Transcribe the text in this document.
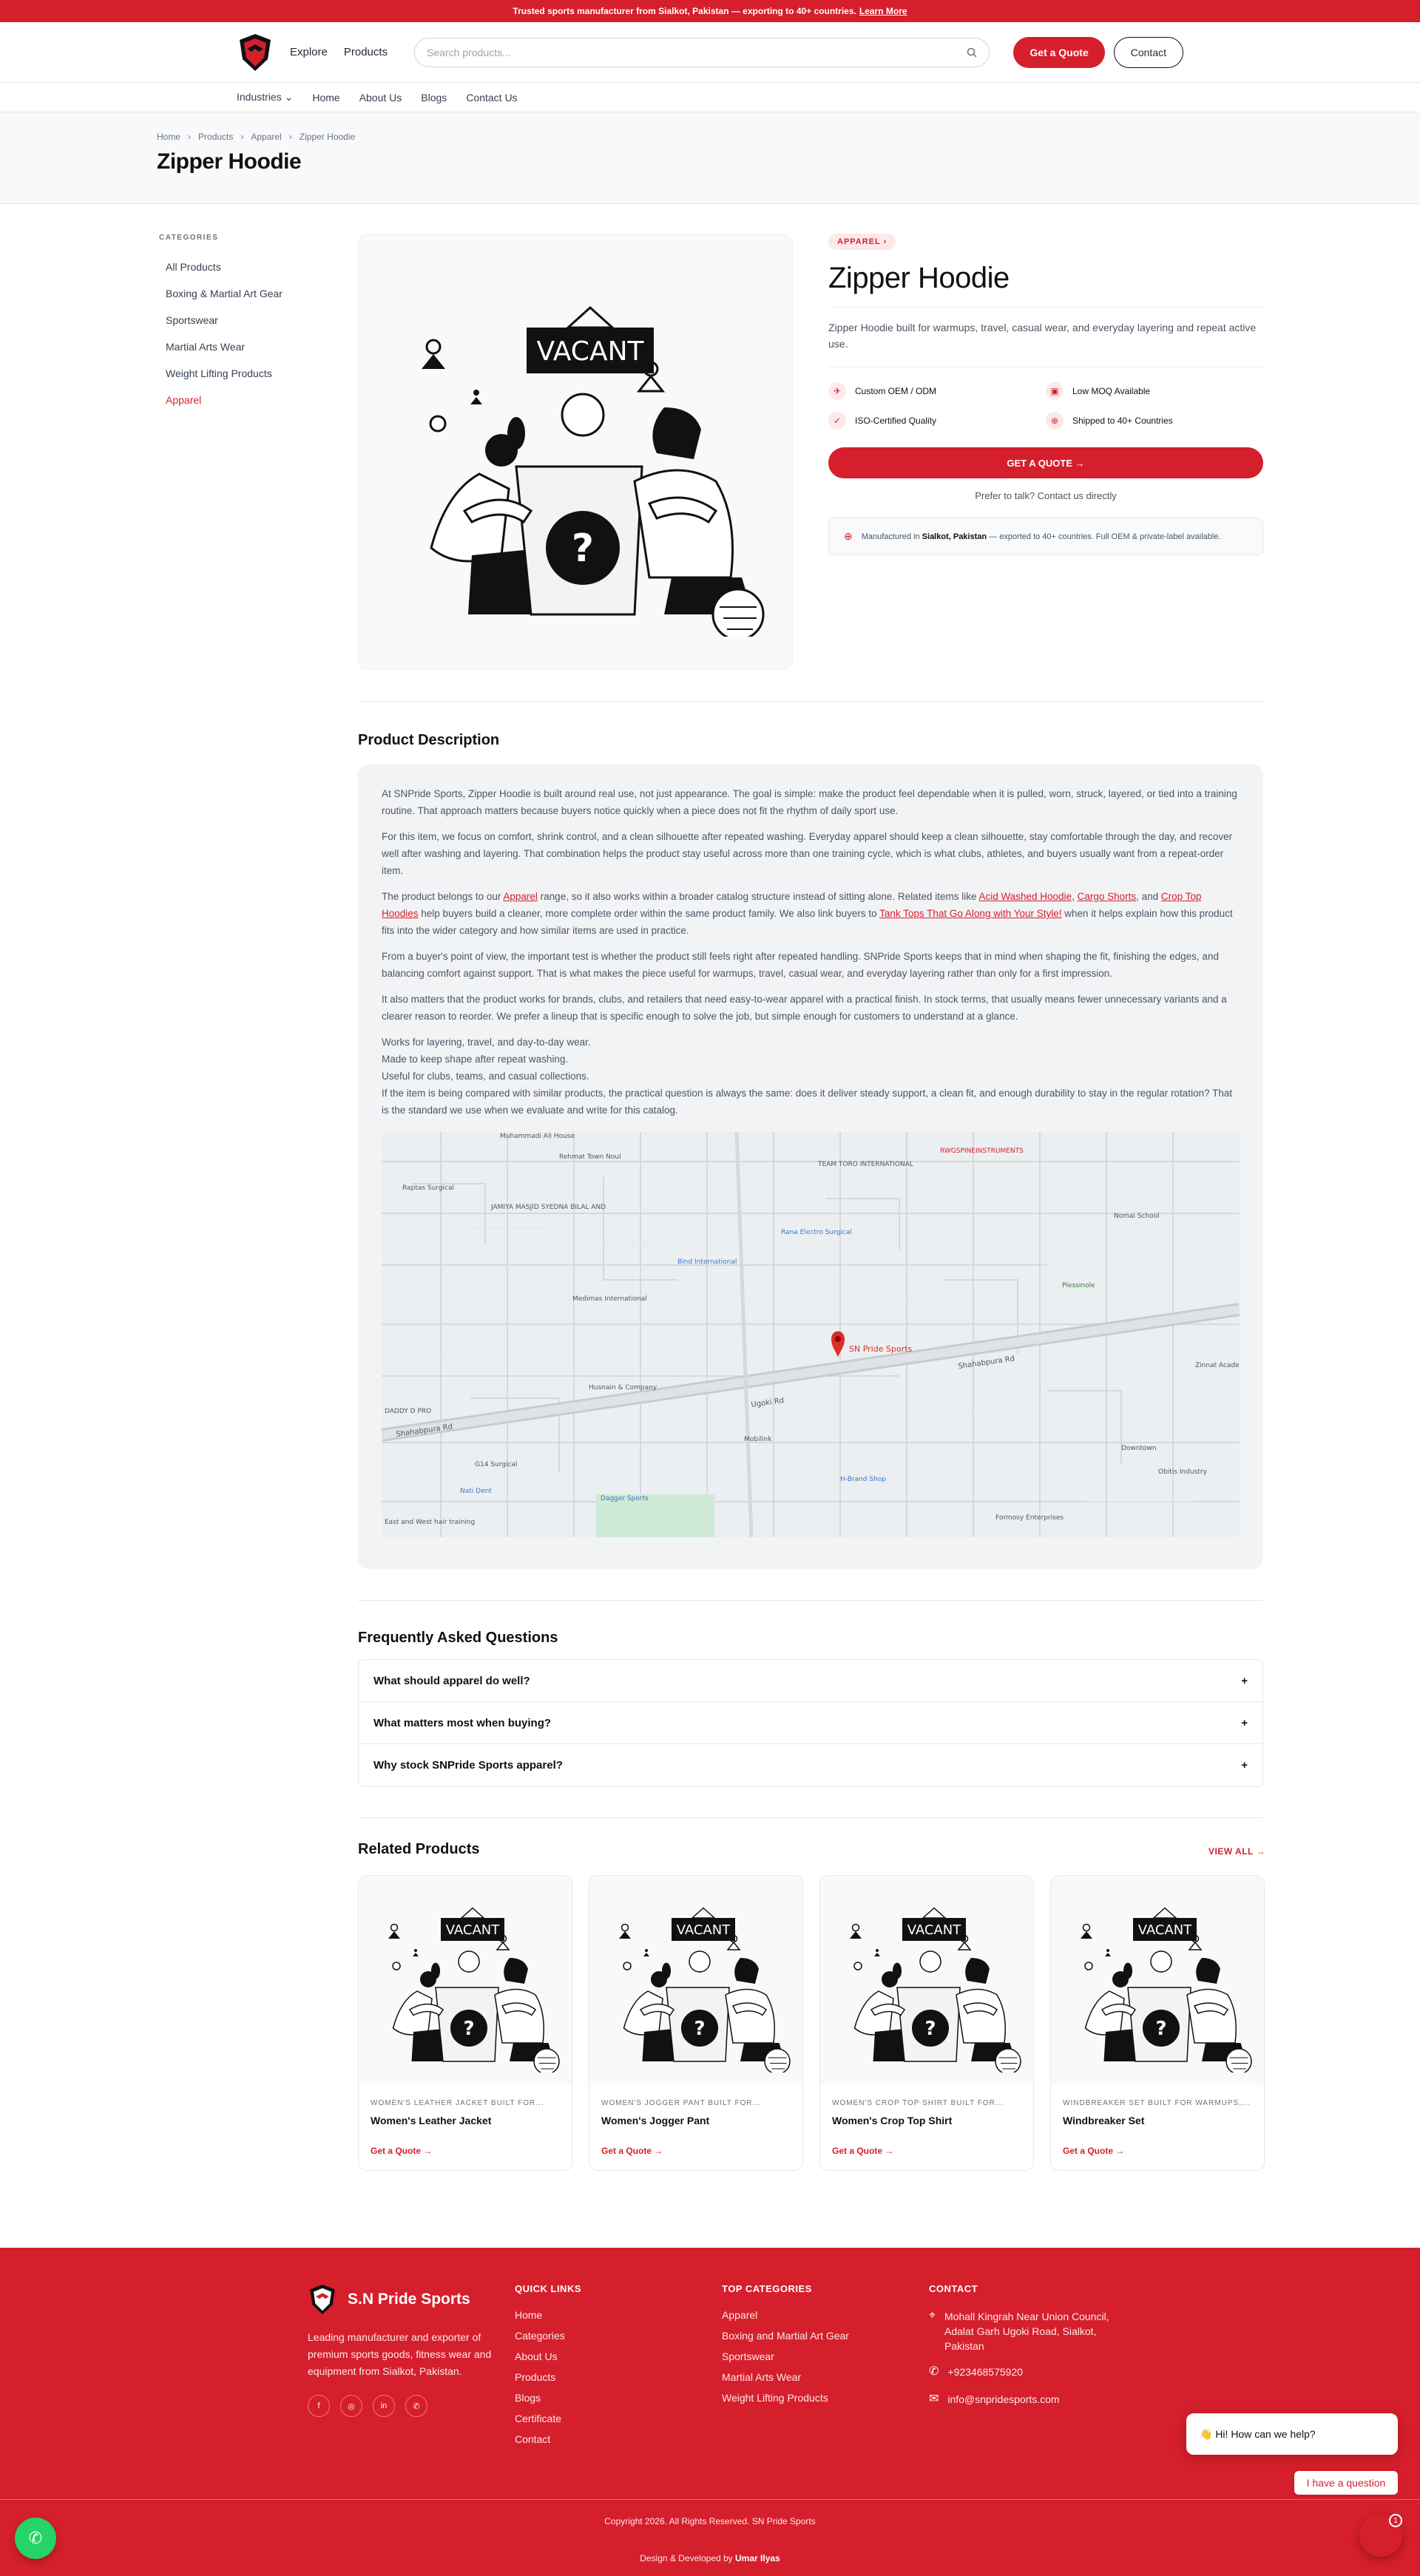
Trusted sports manufacturer from Sialkot, Pakistan — exporting to 40+ countries. Learn More
Explore Products	Search products...	Get a Quote	Contact
Industries ⌄ Home About Us Blogs Contact Us
Home › Products › Apparel › Zipper Hoodie
Zipper Hoodie
CATEGORIES
All Products
Boxing & Martial Art Gear
Sportswear
Martial Arts Wear
Weight Lifting Products
Apparel
VACANT
?
APPAREL ›
Zipper Hoodie
Zipper Hoodie built for warmups, travel, casual wear, and everyday layering and repeat active use.
✈	Custom OEM / ODM	▣	Low MOQ Available
✓	ISO-Certified Quality	⊕	Shipped to 40+ Countries
GET A QUOTE →
Prefer to talk? Contact us directly
⊕ Manufactured in Sialkot, Pakistan — exported to 40+ countries. Full OEM & private-label available.
Product Description

At SNPride Sports, Zipper Hoodie is built around real use, not just appearance. The goal is simple: make the product feel dependable when it is pulled, worn, struck, layered, or tied into a training routine. That approach matters because buyers notice quickly when a piece does not fit the rhythm of daily sport use.

For this item, we focus on comfort, shrink control, and a clean silhouette after repeated washing. Everyday apparel should keep a clean silhouette, stay comfortable through the day, and recover well after washing and layering. That combination helps the product stay useful across more than one training cycle, which is what clubs, athletes, and buyers usually want from a repeat-order item.

The product belongs to our Apparel range, so it also works within a broader catalog structure instead of sitting alone. Related items like Acid Washed Hoodie, Cargo Shorts, and Crop Top Hoodies help buyers build a cleaner, more complete order within the same product family. We also link buyers to Tank Tops That Go Along with Your Style! when it helps explain how this product fits into the wider category and how similar items are used in practice.

From a buyer's point of view, the important test is whether the product still feels right after repeated handling. SNPride Sports keeps that in mind when shaping the fit, finishing the edges, and balancing comfort against support. That is what makes the piece useful for warmups, travel, casual wear, and everyday layering rather than only for a first impression.

It also matters that the product works for brands, clubs, and retailers that need easy-to-wear apparel with a practical finish. In stock terms, that usually means fewer unnecessary variants and a clearer reason to reorder. We prefer a lineup that is specific enough to solve the job, but simple enough for customers to understand at a glance.

Works for layering, travel, and day-to-day wear.
Made to keep shape after repeat washing.
Useful for clubs, teams, and casual collections.
If the item is being compared with similar products, the practical question is always the same: does it deliver steady support, a clean fit, and enough durability to stay in the regular rotation? That is the standard we use when we evaluate and write for this catalog.
Shahabpura Rd
Shahabpura Rd
Ugoki Rd
Muhammadi Ali House
Rehmat Town Noul
Raptas Surgical
JAMIYA MASJID SYEDNA BILAL AND
Rana Electro Surgical
Bind International
Medimas International
TEAM TORO INTERNATIONAL
RWGSPINEINSTRUMENTS
Nomai School
Husnain & Company
Mobilink
Downtown
Obitis Industry
G14 Surgical
Nati Dent
Dagger Sports
H-Brand Shop
Formosy Enterprises
East and West hair training
DADDY D PRO
Zinnat Acade
Plessinole
SN Pride Sports
Frequently Asked Questions
What should apparel do well?	+
What matters most when buying?	+
Why stock SNPride Sports apparel?	+
Related Products	VIEW ALL →
VACANT
?
WOMEN'S LEATHER JACKET BUILT FOR...
Women's Leather Jacket
Get a Quote →
VACANT
?
WOMEN'S JOGGER PANT BUILT FOR...
Women's Jogger Pant
Get a Quote →
VACANT
?
WOMEN'S CROP TOP SHIRT BUILT FOR...
Women's Crop Top Shirt
Get a Quote →
VACANT
?
WINDBREAKER SET BUILT FOR WARMUPS,...
Windbreaker Set
Get a Quote →
S.N Pride Sports
Leading manufacturer and exporter of premium sports goods, fitness wear and equipment from Sialkot, Pakistan.
f	◎	in	✆
QUICK LINKS
Home
Categories
About Us
Products
Blogs
Certificate
Contact
TOP CATEGORIES
Apparel
Boxing and Martial Art Gear
Sportswear
Martial Arts Wear
Weight Lifting Products
CONTACT
⌖ Mohall Kingrah Near Union Council, Adalat Garh Ugoki Road, Sialkot, Pakistan
✆ +923468575920
✉ info@snpridesports.com
Copyright 2026. All Rights Reserved. SN Pride Sports
Design & Developed by Umar Ilyas
✆
👋 Hi! How can we help?
I have a question
1
